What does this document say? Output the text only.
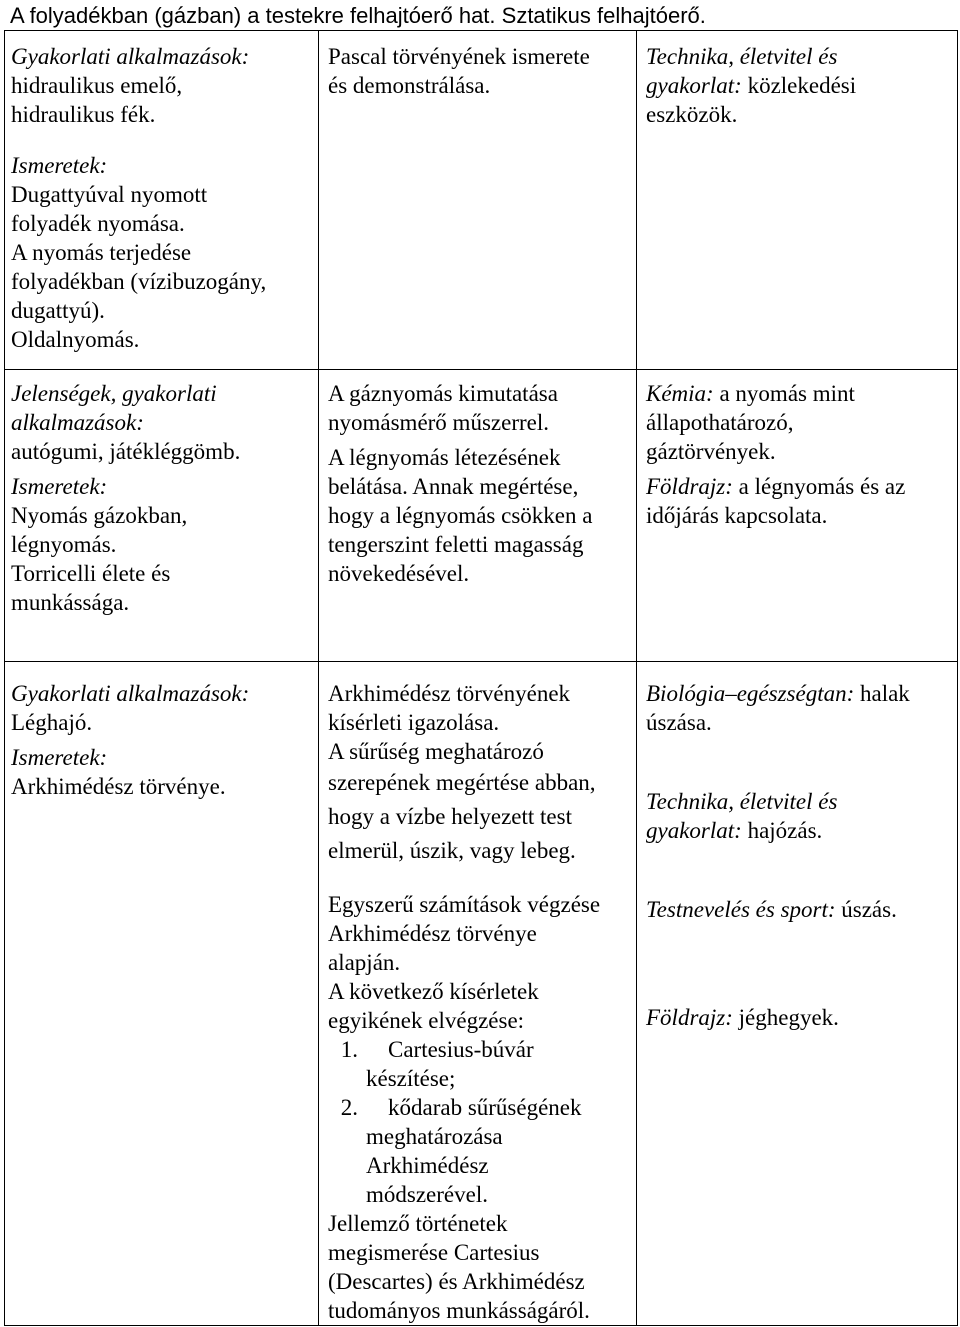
A folyadékban (gázban) a testekre felhajtóerő hat. Sztatikus felhajtóerő.
Gyakorlati alkalmazások:
hidraulikus emelő,
hidraulikus fék.
Ismeretek:
Dugattyúval nyomott
folyadék nyomása.
A nyomás terjedése
folyadékban (vízibuzogány,
dugattyú).
Oldalnyomás.
Pascal törvényének ismerete
és demonstrálása.
Technika, életvitel és
gyakorlat: közlekedési
eszközök.
Jelenségek, gyakorlati
alkalmazások:
autógumi, játékléggömb.
Ismeretek:
Nyomás gázokban,
légnyomás.
Torricelli élete és
munkássága.
A gáznyomás kimutatása
nyomásmérő műszerrel.
A légnyomás létezésének
belátása. Annak megértése,
hogy a légnyomás csökken a
tengerszint feletti magasság
növekedésével.
Kémia: a nyomás mint
állapothatározó,
gáztörvények.
Földrajz: a légnyomás és az
időjárás kapcsolata.
Gyakorlati alkalmazások:
Léghajó.
Ismeretek:
Arkhimédész törvénye.
Arkhimédész törvényének
kísérleti igazolása.
A sűrűség meghatározó
szerepének megértése abban,
hogy a vízbe helyezett test
elmerül, úszik, vagy lebeg.
Egyszerű számítások végzése
Arkhimédész törvénye
alapján.
A következő kísérletek
egyikének elvégzése:
1. Cartesius-búvár
készítése;
2. kődarab sűrűségének
meghatározása
Arkhimédész
módszerével.
Jellemző történetek
megismerése Cartesius
(Descartes) és Arkhimédész
tudományos munkásságáról.
Biológia–egészségtan: halak
úszása.
Technika, életvitel és
gyakorlat: hajózás.
Testnevelés és sport: úszás.
Földrajz: jéghegyek.
